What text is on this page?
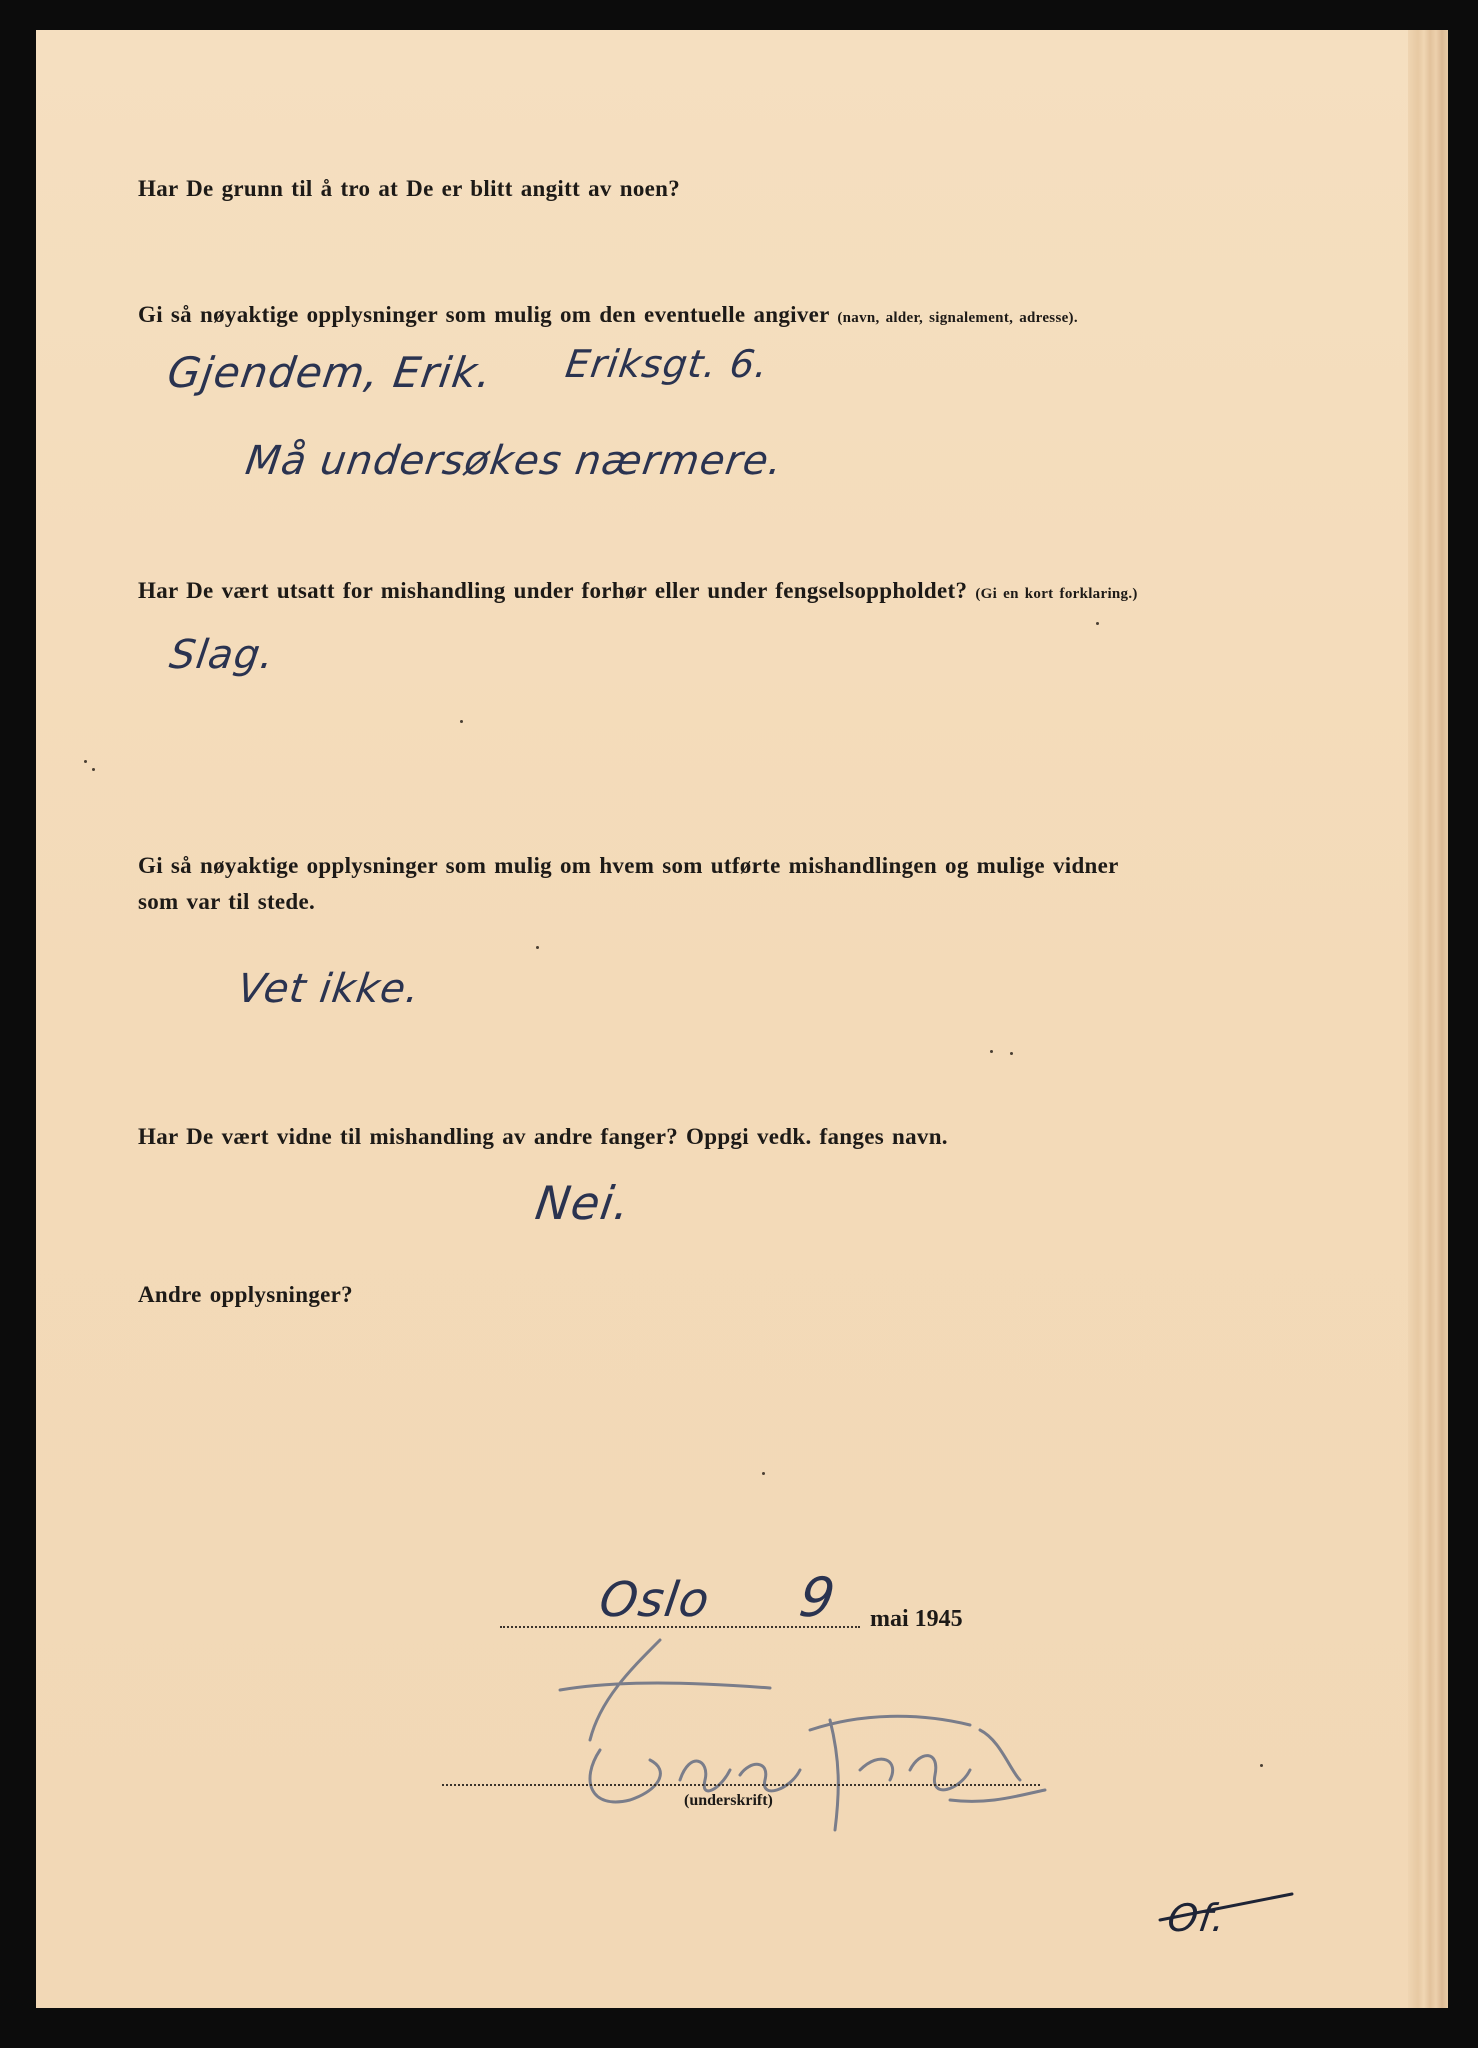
Har De grunn til å tro at De er blitt angitt av noen?

Gi så nøyaktige opplysninger som mulig om den eventuelle angiver (navn, alder, signalement, adresse).

Gjendem, Erik. Eriksgt. 6.

Må undersøkes nærmere.

Har De vært utsatt for mishandling under forhør eller under fengselsoppholdet? (Gi en kort forklaring.)

Slag.

Gi så nøyaktige opplysninger som mulig om hvem som utførte mishandlingen og mulige vidner
som var til stede.

Vet ikke.

Har De vært vidne til mishandling av andre fanger? Oppgi vedk. fanges navn.

Nei.

Andre opplysninger?

Oslo 9 mai 1945
(underskrift)

Of.
